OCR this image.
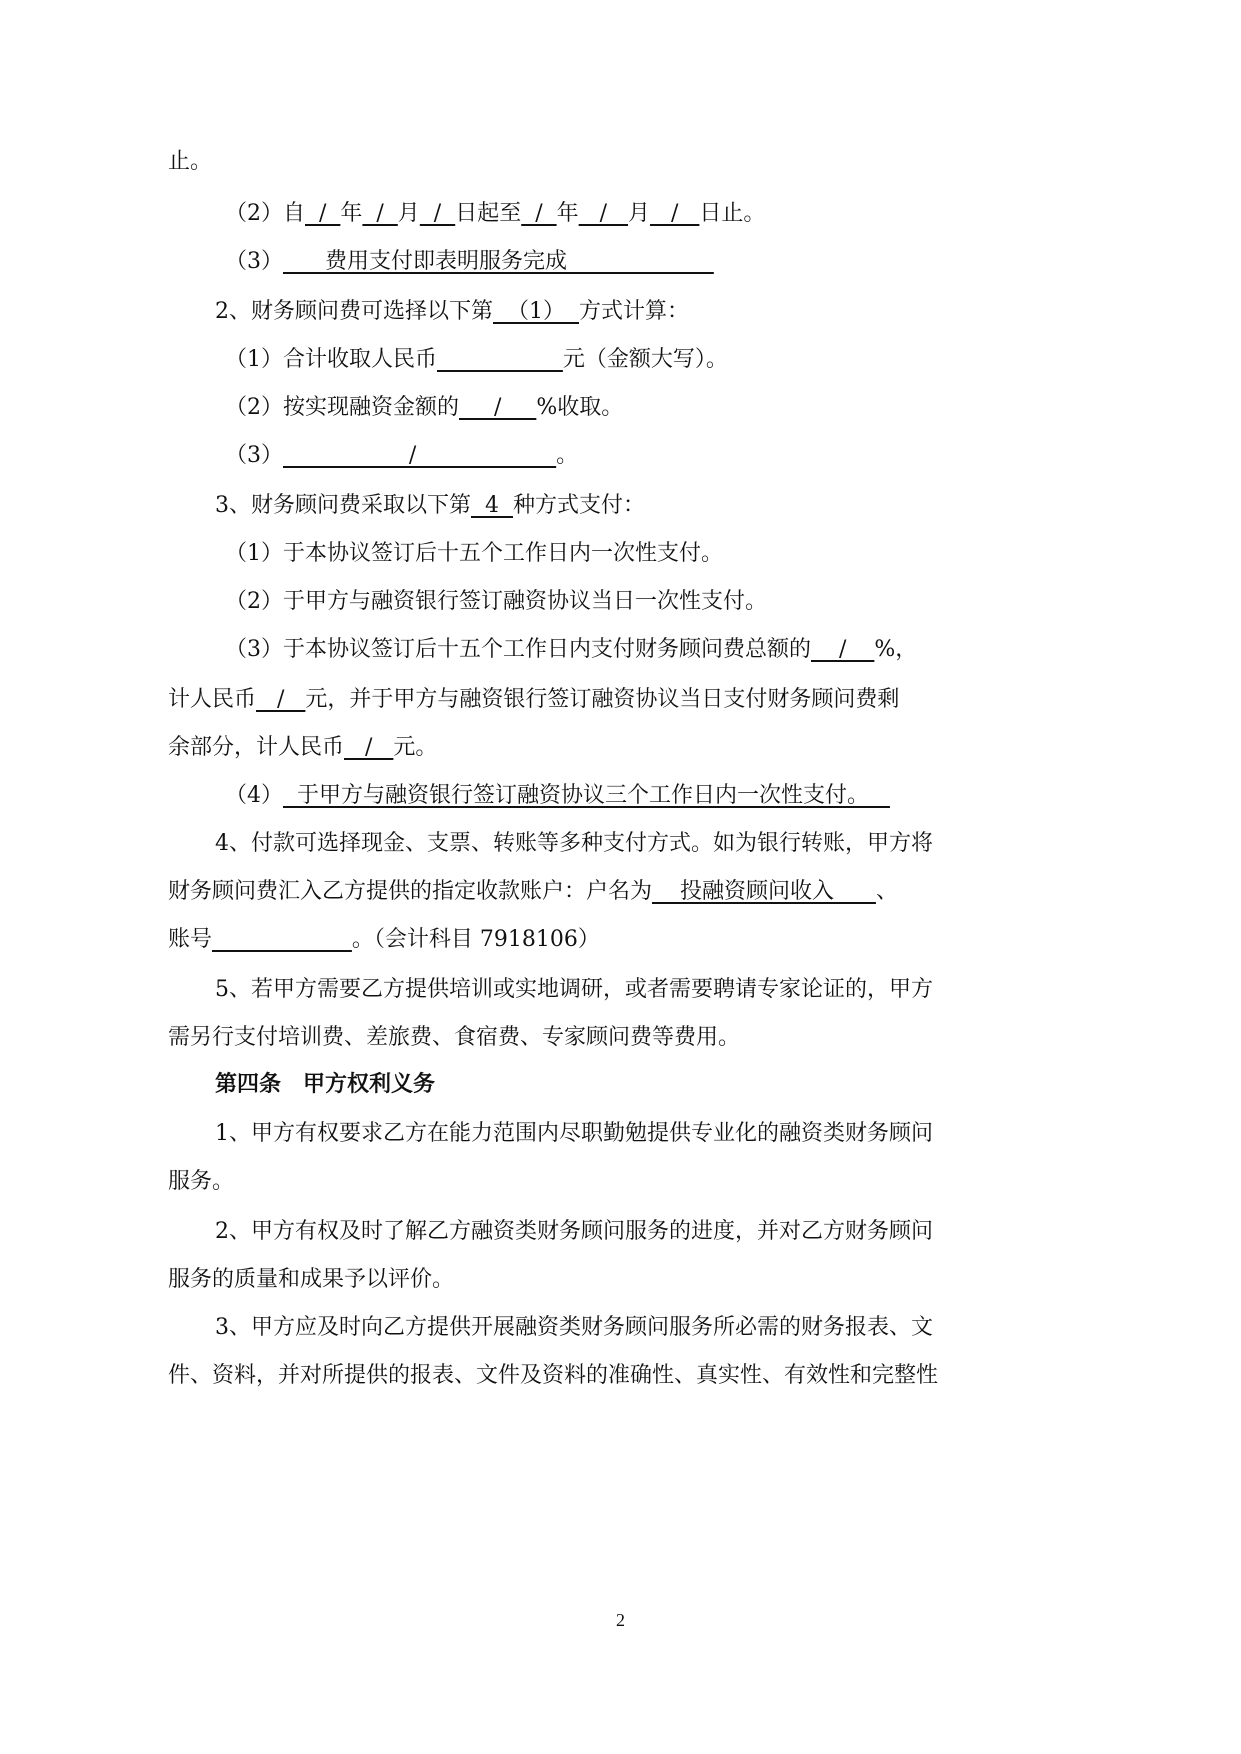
止。
（2）自  /  年  /  月  /  日起至  /  年   /   月   /   日止。
（3）      费用支付即表明服务完成
2、财务顾问费可选择以下第  （1）  方式计算：
（1）合计收取人民币	元（金额大写）。
（2）按实现融资金额的     /     %收取。
（3）                  /                    。
3、财务顾问费采取以下第  4  种方式支付：
（1）于本协议签订后十五个工作日内一次性支付。
（2）于甲方与融资银行签订融资协议当日一次性支付。
（3）于本协议签订后十五个工作日内支付财务顾问费总额的    /    %，
计人民币   /   元，并于甲方与融资银行签订融资协议当日支付财务顾问费剩
余部分，计人民币   /   元。
（4）  于甲方与融资银行签订融资协议三个工作日内一次性支付。
4、付款可选择现金、支票、转账等多种支付方式。如为银行转账，甲方将
财务顾问费汇入乙方提供的指定收款账户：户名为    投融资顾问收入      、
账号	。（会计科目 7918106）
5、若甲方需要乙方提供培训或实地调研，或者需要聘请专家论证的，甲方
需另行支付培训费、差旅费、食宿费、专家顾问费等费用。
第四条　甲方权利义务
1、甲方有权要求乙方在能力范围内尽职勤勉提供专业化的融资类财务顾问
服务。
2、甲方有权及时了解乙方融资类财务顾问服务的进度，并对乙方财务顾问
服务的质量和成果予以评价。
3、甲方应及时向乙方提供开展融资类财务顾问服务所必需的财务报表、文
件、资料，并对所提供的报表、文件及资料的准确性、真实性、有效性和完整性
2
